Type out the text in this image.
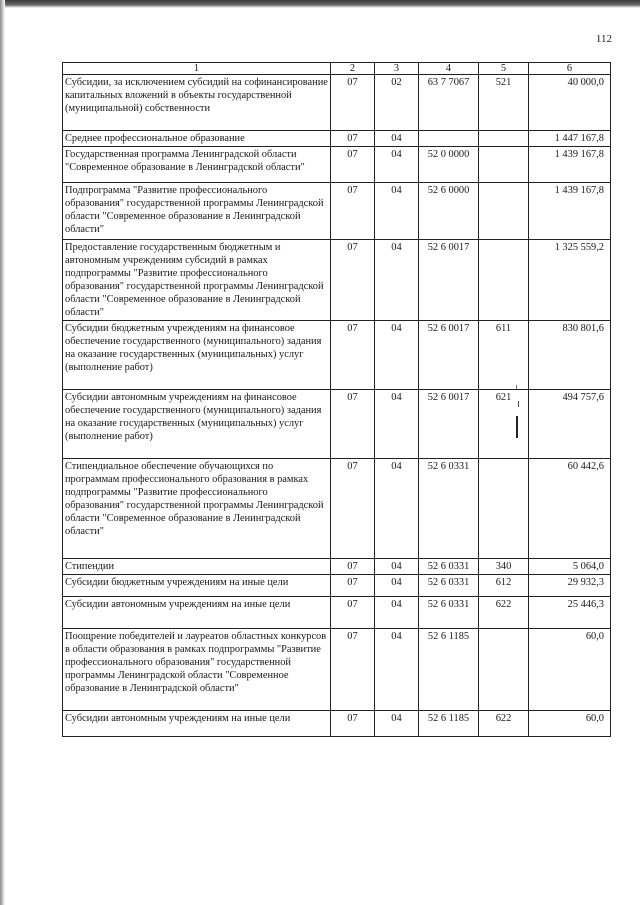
112
1	2	3	4	5	6
Субсидии, за исключением субсидий на софинансирование капитальных вложений в объекты государственной (муниципальной) собственности	07	02	63 7 7067	521	40 000,0
Среднее профессиональное образование	07	04			1 447 167,8
Государственная программа Ленинградской области "Современное образование в Ленинградской области"	07	04	52 0 0000		1 439 167,8
Подпрограмма "Развитие профессионального образования" государственной программы Ленинградской области "Современное образование в Ленинградской области"	07	04	52 6 0000		1 439 167,8
Предоставление государственным бюджетным и автономным учреждениям субсидий в рамках подпрограммы "Развитие профессионального образования" государственной программы Ленинградской области "Современное образование в Ленинградской области"	07	04	52 6 0017		1 325 559,2
Субсидии бюджетным учреждениям на финансовое обеспечение государственного (муниципального) задания на оказание государственных (муниципальных) услуг (выполнение работ)	07	04	52 6 0017	611	830 801,6
Субсидии автономным учреждениям на финансовое обеспечение государственного (муниципального) задания на оказание государственных (муниципальных) услуг (выполнение работ)	07	04	52 6 0017	621	494 757,6
Стипендиальное обеспечение обучающихся по программам профессионального образования в рамках подпрограммы "Развитие профессионального образования" государственной программы Ленинградской области "Современное образование в Ленинградской области"	07	04	52 6 0331		60 442,6
Стипендии	07	04	52 6 0331	340	5 064,0
Субсидии бюджетным учреждениям на иные цели	07	04	52 6 0331	612	29 932,3
Субсидии автономным учреждениям на иные цели	07	04	52 6 0331	622	25 446,3
Поощрение победителей и лауреатов областных конкурсов в области образования в рамках подпрограммы "Развитие профессионального образования" государственной программы Ленинградской области "Современное образование в Ленинградской области"	07	04	52 6 1185		60,0
Субсидии автономным учреждениям на иные цели	07	04	52 6 1185	622	60,0
